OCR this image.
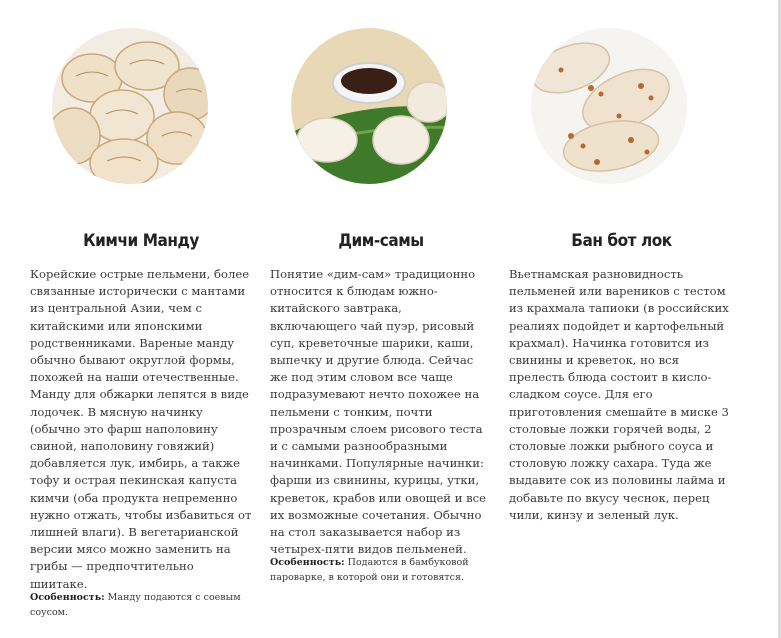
Кимчи Манду

Корейские острые пельмени, более связанные исторически с мантами из центральной Азии, чем с китайскими или японскими родственниками. Вареные манду обычно бывают округлой формы, похожей на наши отечественные. Манду для обжарки лепятся в виде лодочек. В мясную начинку (обычно это фарш наполовину свиной, наполовину говяжий) добавляется лук, имбирь, а также тофу и острая пекинская капуста кимчи (оба продукта непременно нужно отжать, чтобы избавиться от лишней влаги). В вегетарианской версии мясо можно заменить на грибы — предпочтительно шиитаке.

Особенность: Манду подаются с соевым соусом.

Дим-самы

Понятие «дим-сам» традиционно относится к блюдам южно-китайского завтрака, включающего чай пуэр, рисовый суп, креветочные шарики, каши, выпечку и другие блюда. Сейчас же под этим словом все чаще подразумевают нечто похожее на пельмени с тонким, почти прозрачным слоем рисового теста и с самыми разнообразными начинками. Популярные начинки: фарши из свинины, курицы, утки, креветок, крабов или овощей и все их возможные сочетания. Обычно на стол заказывается набор из четырех-пяти видов пельменей.

Особенность: Подаются в бамбуковой пароварке, в которой они и готовятся.

Бан бот лок

Вьетнамская разновидность пельменей или вареников с тестом из крахмала тапиоки (в российских реалиях подойдет и картофельный крахмал). Начинка готовится из свинины и креветок, но вся прелесть блюда состоит в кисло-сладком соусе. Для его приготовления смешайте в миске 3 столовые ложки горячей воды, 2 столовые ложки рыбного соуса и столовую ложку сахара. Туда же выдавите сок из половины лайма и добавьте по вкусу чеснок, перец чили, кинзу и зеленый лук.
